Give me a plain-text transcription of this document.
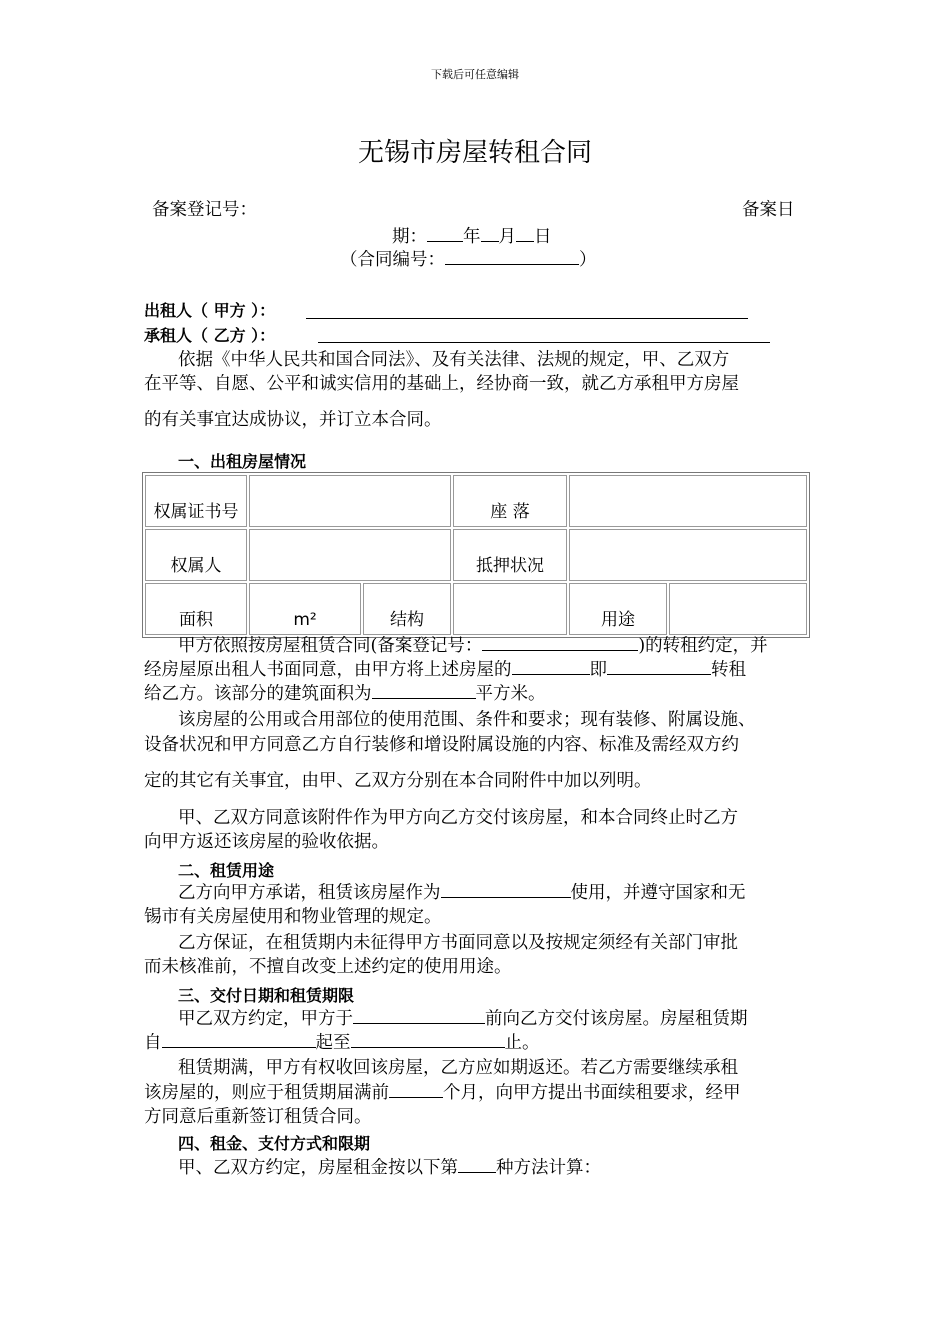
下载后可任意编辑
无锡市房屋转租合同
备案登记号：	备案日
期： 年 月 日
（合同编号：	）
出租人（ 甲方 ）：
承租人（ 乙方 ）：
依据《中华人民共和国合同法》、及有关法律、法规的规定，甲、乙双方
在平等、自愿、公平和诚实信用的基础上，经协商一致，就乙方承租甲方房屋
的有关事宜达成协议，并订立本合同。
一、出租房屋情况
权属证书号			座 落		
权属人			抵押状况		
面积	m²	结构		用途	
甲方依照按房屋租赁合同(备案登记号：	)的转租约定，并
经房屋原出租人书面同意，由甲方将上述房屋的	即	转租
给乙方。该部分的建筑面积为	平方米。
该房屋的公用或合用部位的使用范围、条件和要求；现有装修、附属设施、
设备状况和甲方同意乙方自行装修和增设附属设施的内容、标准及需经双方约
定的其它有关事宜，由甲、乙双方分别在本合同附件中加以列明。
甲、乙双方同意该附件作为甲方向乙方交付该房屋，和本合同终止时乙方
向甲方返还该房屋的验收依据。
二、租赁用途
乙方向甲方承诺，租赁该房屋作为	使用，并遵守国家和无
锡市有关房屋使用和物业管理的规定。
乙方保证，在租赁期内未征得甲方书面同意以及按规定须经有关部门审批
而未核准前，不擅自改变上述约定的使用用途。
三、交付日期和租赁期限
甲乙双方约定，甲方于	前向乙方交付该房屋。房屋租赁期
自	起至	止。
租赁期满，甲方有权收回该房屋，乙方应如期返还。若乙方需要继续承租
该房屋的，则应于租赁期届满前	个月，向甲方提出书面续租要求，经甲
方同意后重新签订租赁合同。
四、租金、支付方式和限期
甲、乙双方约定，房屋租金按以下第 种方法计算：
